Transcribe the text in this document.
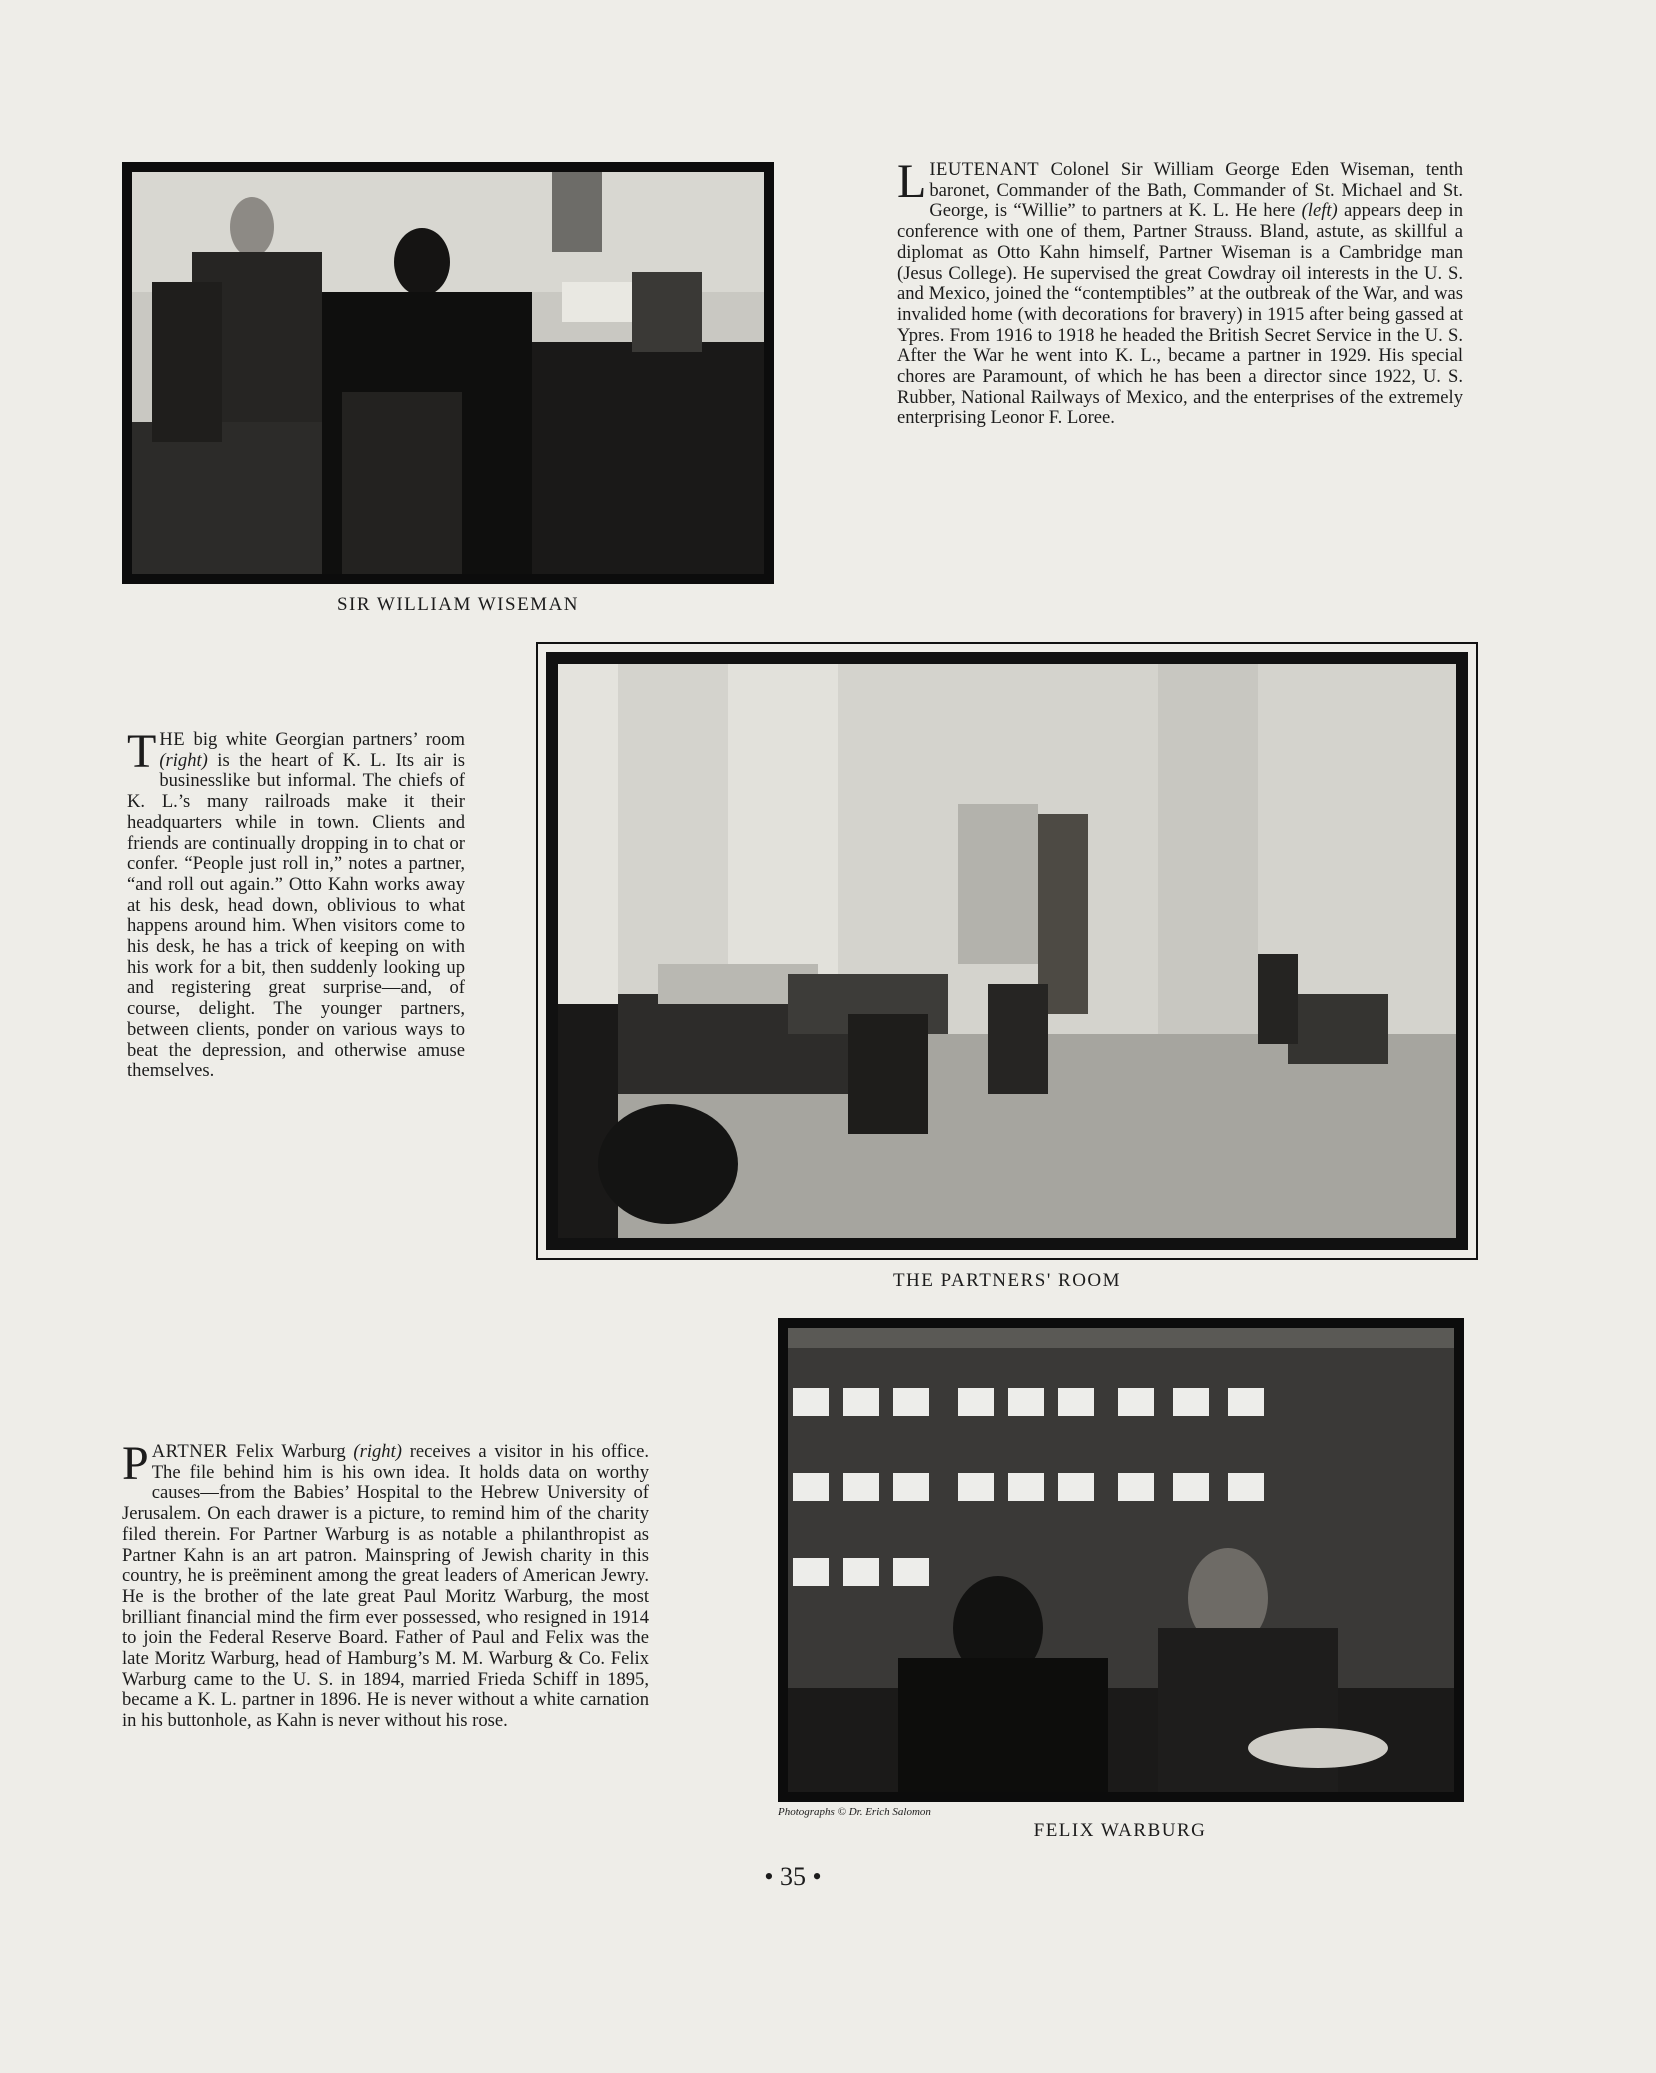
SIR WILLIAM WISEMAN

LIEUTENANT Colonel Sir William George Eden Wiseman, tenth baronet, Commander of the Bath, Commander of St. Michael and St. George, is “Willie” to partners at K. L. He here (left) appears deep in conference with one of them, Partner Strauss. Bland, astute, as skillful a diplomat as Otto Kahn himself, Partner Wiseman is a Cambridge man (Jesus College). He supervised the great Cowdray oil interests in the U. S. and Mexico, joined the “contemptibles” at the outbreak of the War, and was invalided home (with decorations for bravery) in 1915 after being gassed at Ypres. From 1916 to 1918 he headed the British Secret Service in the U. S. After the War he went into K. L., became a partner in 1929. His special chores are Paramount, of which he has been a director since 1922, U. S. Rubber, National Railways of Mexico, and the enterprises of the extremely enterprising Leonor F. Loree.

THE big white Georgian partners’ room (right) is the heart of K. L. Its air is businesslike but informal. The chiefs of K. L.’s many railroads make it their headquarters while in town. Clients and friends are continually dropping in to chat or confer. “People just roll in,” notes a partner, “and roll out again.” Otto Kahn works away at his desk, head down, oblivious to what happens around him. When visitors come to his desk, he has a trick of keeping on with his work for a bit, then suddenly looking up and registering great surprise—and, of course, delight. The younger partners, between clients, ponder on various ways to beat the depression, and otherwise amuse themselves.

THE PARTNERS' ROOM

PARTNER Felix Warburg (right) receives a visitor in his office. The file behind him is his own idea. It holds data on worthy causes—from the Babies’ Hospital to the Hebrew University of Jerusalem. On each drawer is a picture, to remind him of the charity filed therein. For Partner Warburg is as notable a philanthropist as Partner Kahn is an art patron. Mainspring of Jewish charity in this country, he is preëminent among the great leaders of American Jewry. He is the brother of the late great Paul Moritz Warburg, the most brilliant financial mind the firm ever possessed, who resigned in 1914 to join the Federal Reserve Board. Father of Paul and Felix was the late Moritz Warburg, head of Hamburg’s M. M. Warburg & Co. Felix Warburg came to the U. S. in 1894, married Frieda Schiff in 1895, became a K. L. partner in 1896. He is never without a white carnation in his buttonhole, as Kahn is never without his rose.

Photographs © Dr. Erich Salomon
FELIX WARBURG
• 35 •
